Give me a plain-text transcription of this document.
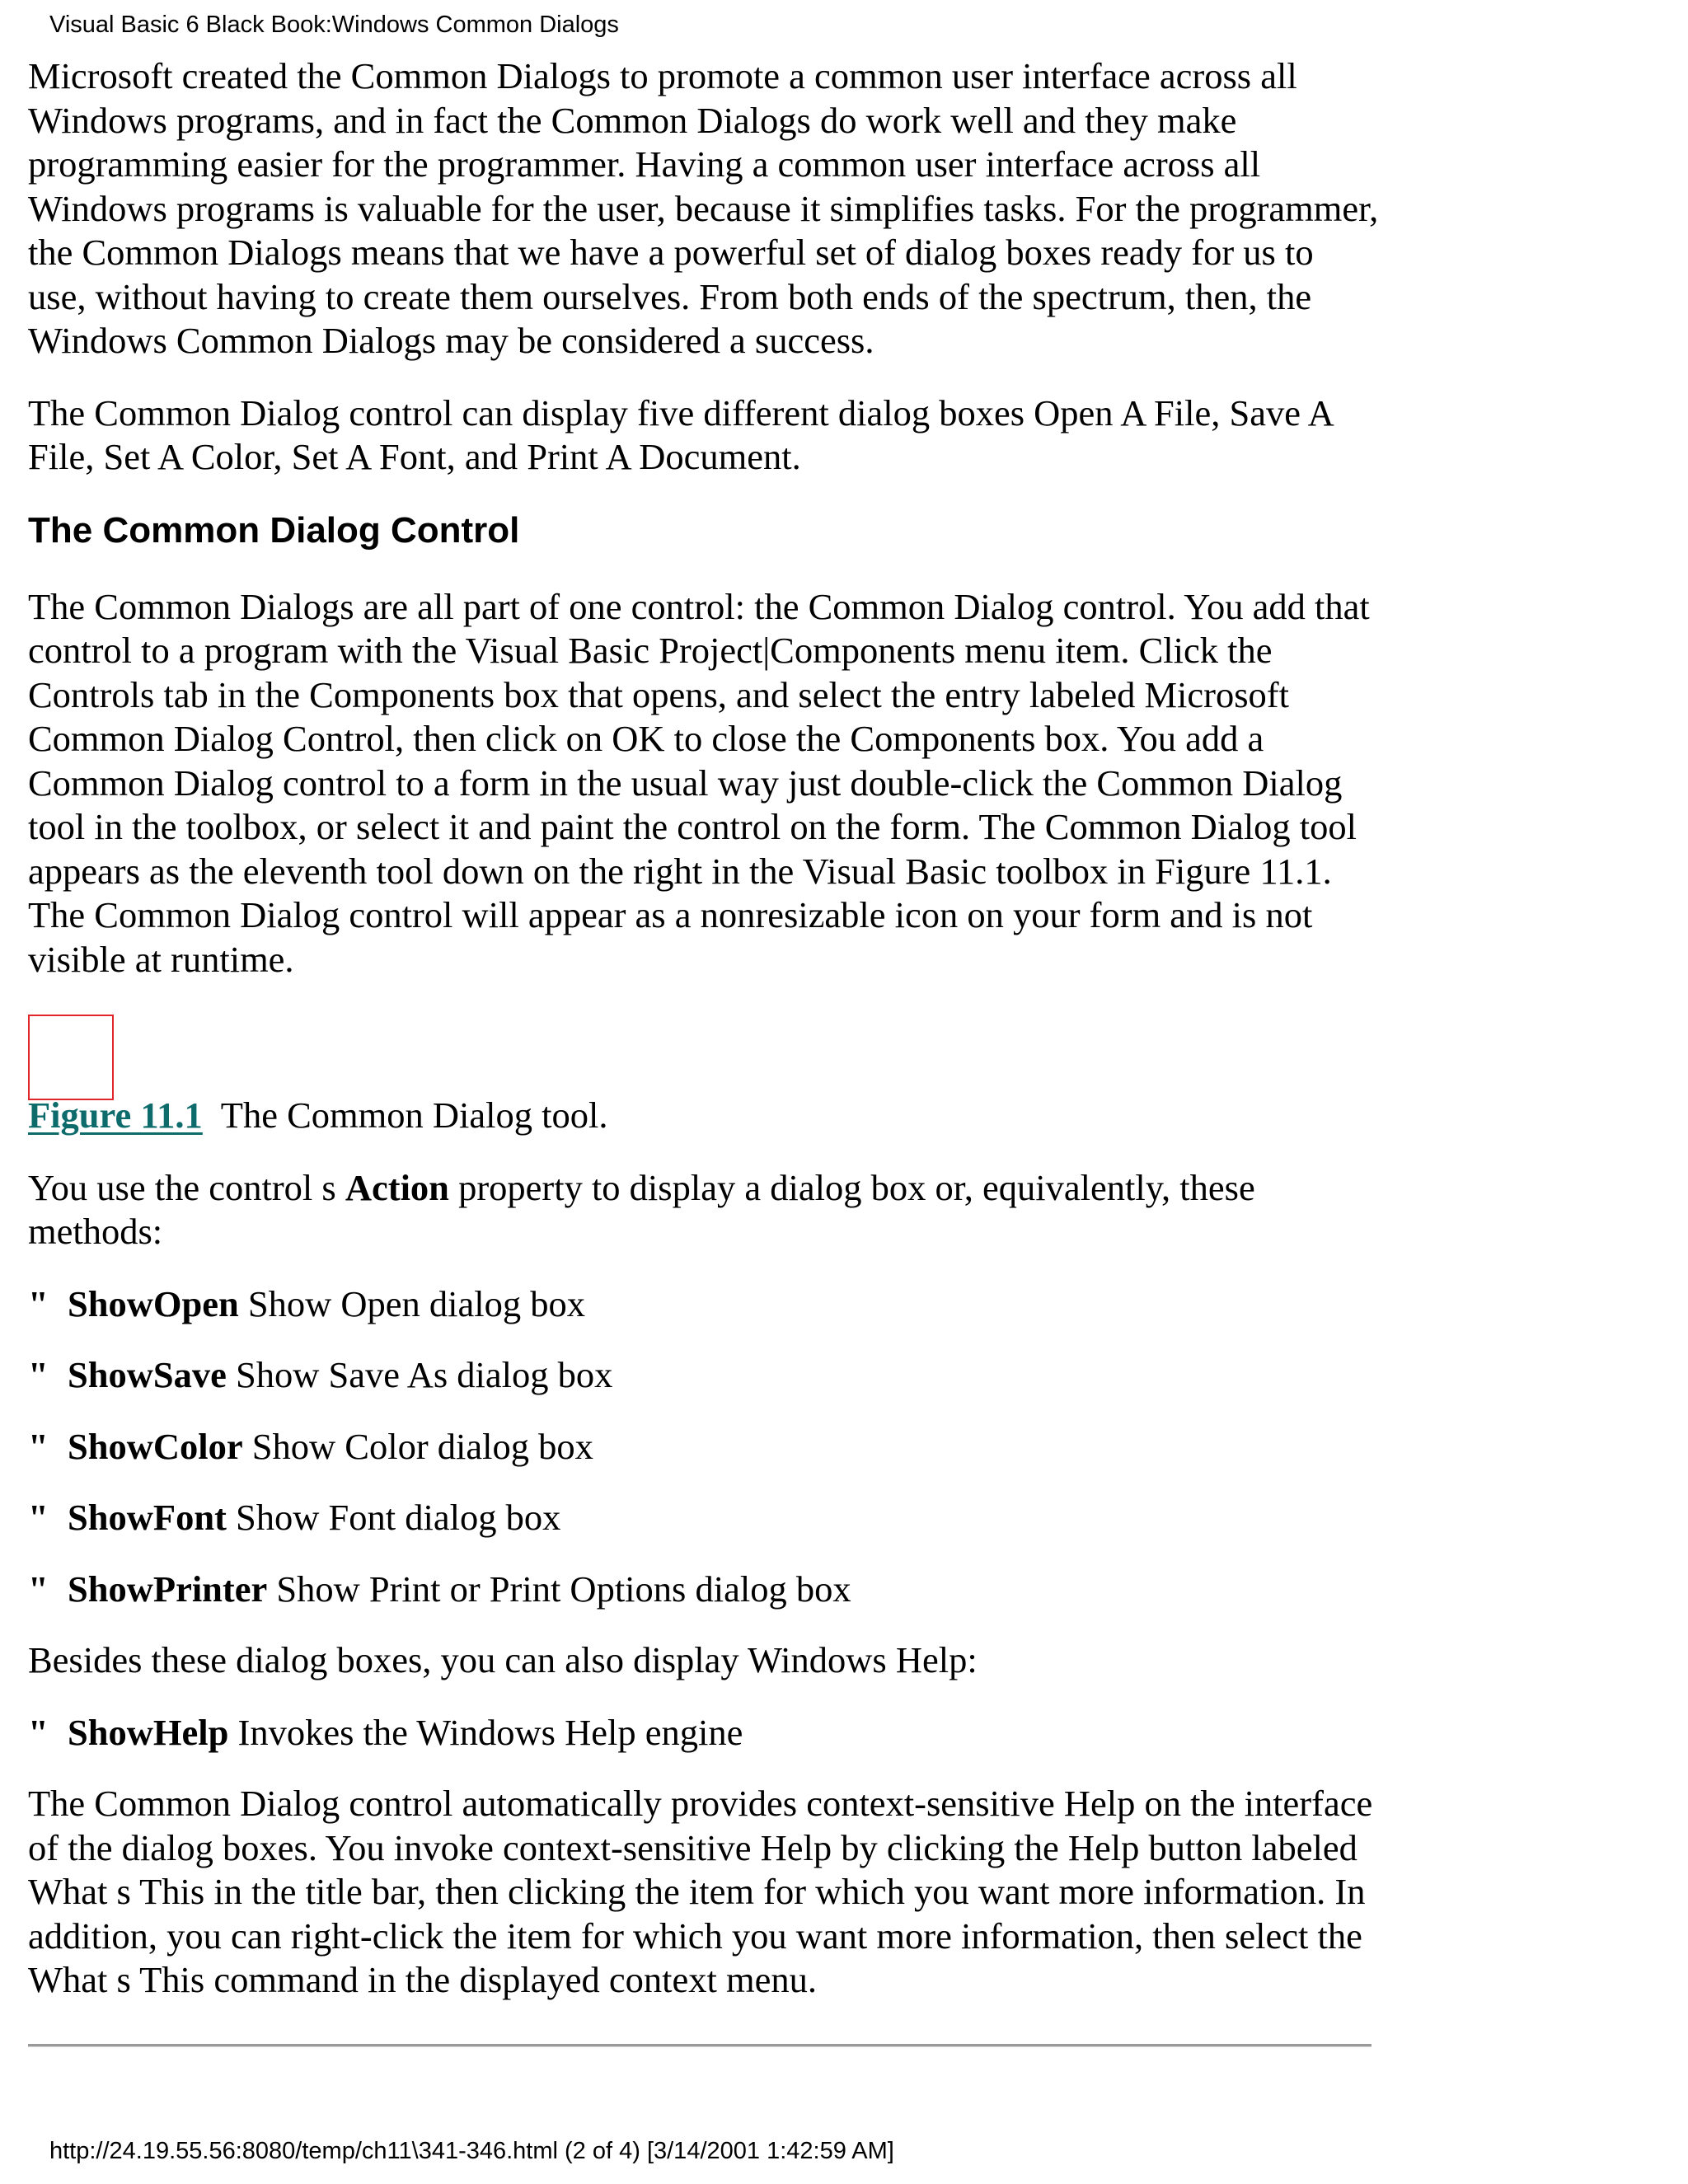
Visual Basic 6 Black Book:Windows Common Dialogs

Microsoft created the Common Dialogs to promote a common user interface across all Windows programs, and in fact the Common Dialogs do work well and they make programming easier for the programmer. Having a common user interface across all Windows programs is valuable for the user, because it simplifies tasks. For the programmer, the Common Dialogs means that we have a powerful set of dialog boxes ready for us to use, without having to create them ourselves. From both ends of the spectrum, then, the Windows Common Dialogs may be considered a success.

The Common Dialog control can display five different dialog boxes Open A File, Save A File, Set A Color, Set A Font, and Print A Document.

The Common Dialog Control

The Common Dialogs are all part of one control: the Common Dialog control. You add that control to a program with the Visual Basic Project|Components menu item. Click the Controls tab in the Components box that opens, and select the entry labeled Microsoft Common Dialog Control, then click on OK to close the Components box. You add a Common Dialog control to a form in the usual way just double-click the Common Dialog tool in the toolbox, or select it and paint the control on the form. The Common Dialog tool appears as the eleventh tool down on the right in the Visual Basic toolbox in Figure 11.1. The Common Dialog control will appear as a nonresizable icon on your form and is not visible at runtime.

Figure 11.1 The Common Dialog tool.

You use the control s Action property to display a dialog box or, equivalently, these methods:

" ShowOpen Show Open dialog box
" ShowSave Show Save As dialog box
" ShowColor Show Color dialog box
" ShowFont Show Font dialog box
" ShowPrinter Show Print or Print Options dialog box

Besides these dialog boxes, you can also display Windows Help:

" ShowHelp Invokes the Windows Help engine

The Common Dialog control automatically provides context-sensitive Help on the interface of the dialog boxes. You invoke context-sensitive Help by clicking the Help button labeled What s This in the title bar, then clicking the item for which you want more information. In addition, you can right-click the item for which you want more information, then select the What s This command in the displayed context menu.

http://24.19.55.56:8080/temp/ch11\341-346.html (2 of 4) [3/14/2001 1:42:59 AM]
